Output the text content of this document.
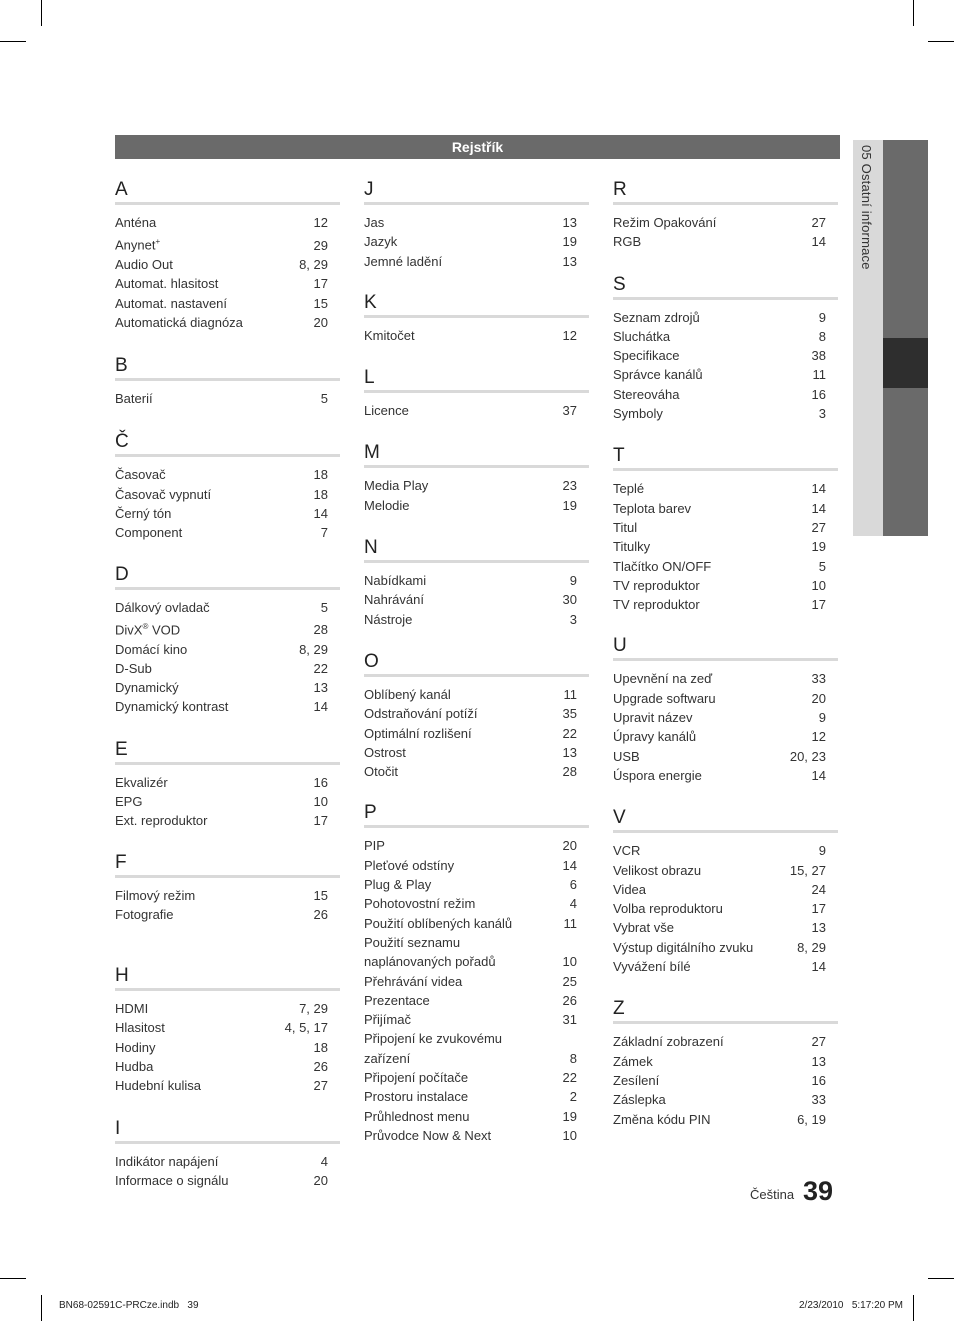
Rejstřík	05 Ostatní informace
A
Anténa	12
Anynet+	29
Audio Out	8, 29
Automat. hlasitost	17
Automat. nastavení	15
Automatická diagnóza	20
B
Baterií	5
Č
Časovač	18
Časovač vypnutí	18
Černý tón	14
Component	7
D
Dálkový ovladač	5
DivX® VOD	28
Domácí kino	8, 29
D-Sub	22
Dynamický	13
Dynamický kontrast	14
E
Ekvalizér	16
EPG	10
Ext. reproduktor	17
F
Filmový režim	15
Fotografie	26
H
HDMI	7, 29
Hlasitost	4, 5, 17
Hodiny	18
Hudba	26
Hudební kulisa	27
I
Indikátor napájení	4
Informace o signálu	20
J
Jas	13
Jazyk	19
Jemné ladění	13
K
Kmitočet	12
L
Licence	37
M
Media Play	23
Melodie	19
N
Nabídkami	9
Nahrávání	30
Nástroje	3
O
Oblíbený kanál	11
Odstraňování potíží	35
Optimální rozlišení	22
Ostrost	13
Otočit	28
P
PIP	20
Pleťové odstíny	14
Plug & Play	6
Pohotovostní režim	4
Použití oblíbených kanálů	11
Použití seznamu naplánovaných pořadů	10
Přehrávání videa	25
Prezentace	26
Přijímač	31
Připojení ke zvukovému zařízení	8
Připojení počítače	22
Prostoru instalace	2
Průhlednost menu	19
Průvodce Now & Next	10
R
Režim Opakování	27
RGB	14
S
Seznam zdrojů	9
Sluchátka	8
Specifikace	38
Správce kanálů	11
Stereováha	16
Symboly	3
T
Teplé	14
Teplota barev	14
Titul	27
Titulky	19
Tlačítko ON/OFF	5
TV reproduktor	10
TV reproduktor	17
U
Upevnění na zeď	33
Upgrade softwaru	20
Upravit název	9
Úpravy kanálů	12
USB	20, 23
Úspora energie	14
V
VCR	9
Velikost obrazu	15, 27
Videa	24
Volba reproduktoru	17
Vybrat vše	13
Výstup digitálního zvuku	8, 29
Vyvážení bílé	14
Z
Základní zobrazení	27
Zámek	13
Zesílení	16
Záslepka	33
Změna kódu PIN	6, 19
Čeština 39
BN68-02591C-PRCze.indb   39	2/23/2010   5:17:20 PM
